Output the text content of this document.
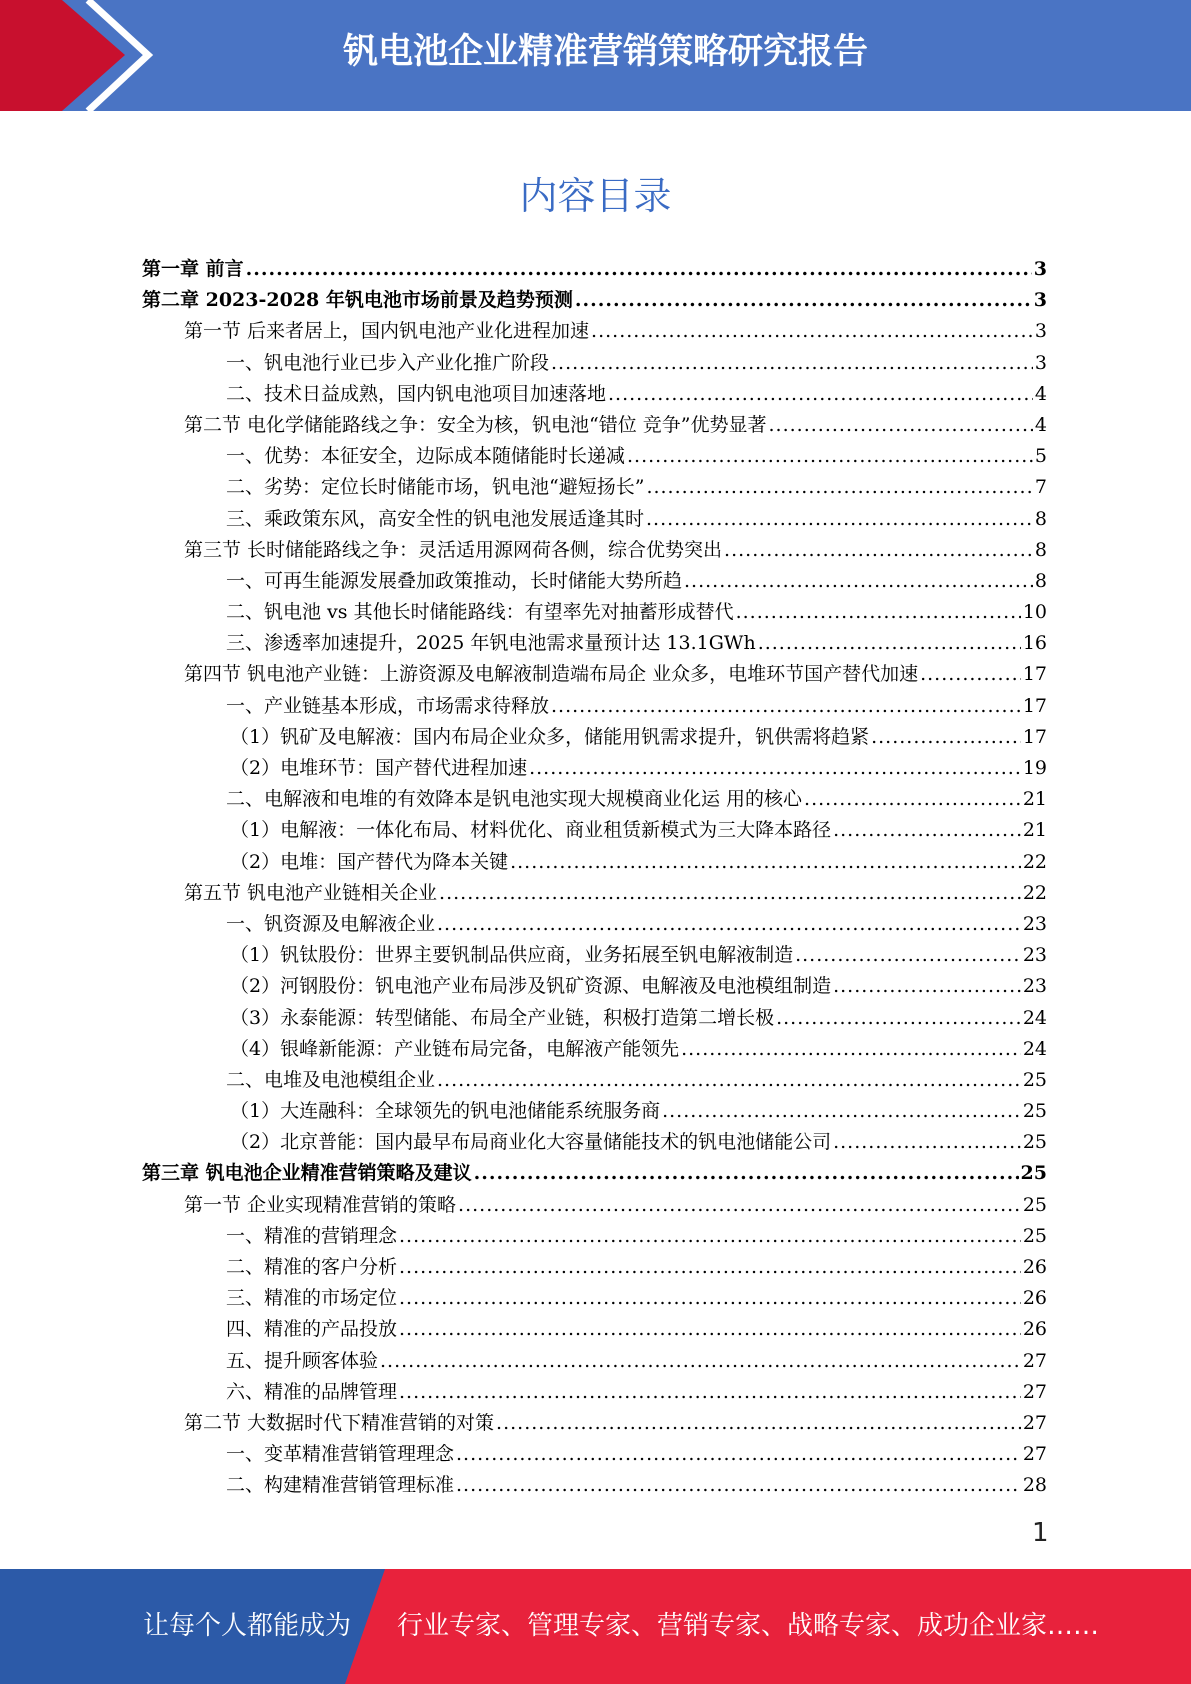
钒电池企业精准营销策略研究报告
内容目录
第一章 前言 .....	3
第二章 2023-2028 年钒电池市场前景及趋势预测 .....	3
第一节 后来者居上，国内钒电池产业化进程加速 .....	3
一、钒电池行业已步入产业化推广阶段 .....	3
二、技术日益成熟，国内钒电池项目加速落地 .....	4
第二节 电化学储能路线之争：安全为核，钒电池“错位 竞争”优势显著 .....	4
一、优势：本征安全，边际成本随储能时长递减 .....	5
二、劣势：定位长时储能市场，钒电池“避短扬长” .....	7
三、乘政策东风，高安全性的钒电池发展适逢其时 .....	8
第三节 长时储能路线之争：灵活适用源网荷各侧，综合优势突出 .....	8
一、可再生能源发展叠加政策推动，长时储能大势所趋 .....	8
二、钒电池 vs 其他长时储能路线：有望率先对抽蓄形成替代 .....	10
三、渗透率加速提升，2025 年钒电池需求量预计达 13.1GWh .....	16
第四节 钒电池产业链：上游资源及电解液制造端布局企 业众多，电堆环节国产替代加速 .....	17
一、产业链基本形成，市场需求待释放 .....	17
（1）钒矿及电解液：国内布局企业众多，储能用钒需求提升，钒供需将趋紧 .....	17
（2）电堆环节：国产替代进程加速 .....	19
二、电解液和电堆的有效降本是钒电池实现大规模商业化运 用的核心 .....	21
（1）电解液：一体化布局、材料优化、商业租赁新模式为三大降本路径 .....	21
（2）电堆：国产替代为降本关键 .....	22
第五节 钒电池产业链相关企业 .....	22
一、钒资源及电解液企业 .....	23
（1）钒钛股份：世界主要钒制品供应商，业务拓展至钒电解液制造 .....	23
（2）河钢股份：钒电池产业布局涉及钒矿资源、电解液及电池模组制造 .....	23
（3）永泰能源：转型储能、布局全产业链，积极打造第二增长极 .....	24
（4）银峰新能源：产业链布局完备，电解液产能领先 .....	24
二、电堆及电池模组企业 .....	25
（1）大连融科：全球领先的钒电池储能系统服务商 .....	25
（2）北京普能：国内最早布局商业化大容量储能技术的钒电池储能公司 .....	25
第三章 钒电池企业精准营销策略及建议 .....	25
第一节 企业实现精准营销的策略 .....	25
一、精准的营销理念 .....	25
二、精准的客户分析 .....	26
三、精准的市场定位 .....	26
四、精准的产品投放 .....	26
五、提升顾客体验 .....	27
六、精准的品牌管理 .....	27
第二节 大数据时代下精准营销的对策 .....	27
一、变革精准营销管理理念 .....	27
二、构建精准营销管理标准 .....	28
1
让每个人都能成为 行业专家、管理专家、营销专家、战略专家、成功企业家……
